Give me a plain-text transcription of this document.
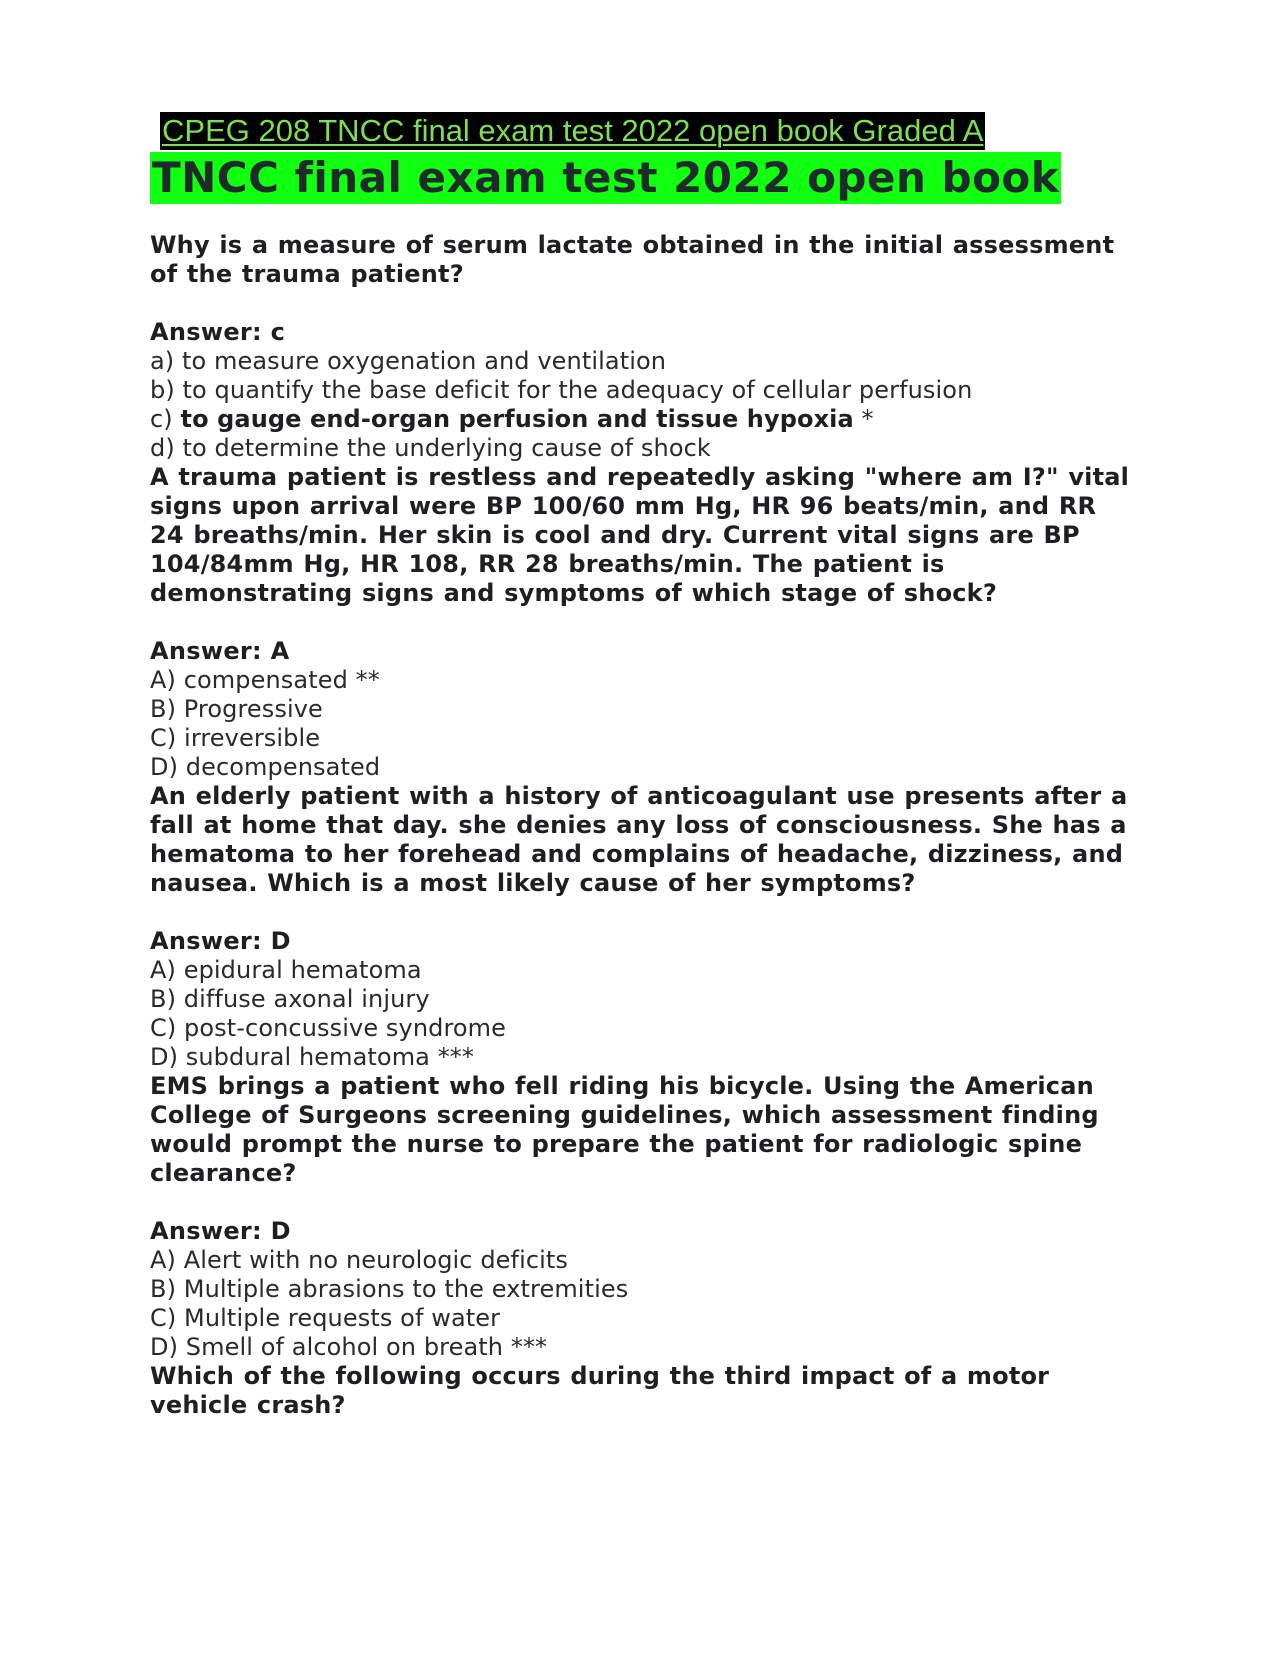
CPEG 208 TNCC final exam test 2022 open book Graded A
TNCC final exam test 2022 open book
Why is a measure of serum lactate obtained in the initial assessment of the trauma patient?
Answer: c
a) to measure oxygenation and ventilation
b) to quantify the base deficit for the adequacy of cellular perfusion
c) to gauge end-organ perfusion and tissue hypoxia *
d) to determine the underlying cause of shock
A trauma patient is restless and repeatedly asking "where am I?" vital signs upon arrival were BP 100/60 mm Hg, HR 96 beats/min, and RR 24 breaths/min. Her skin is cool and dry. Current vital signs are BP 104/84mm Hg, HR 108, RR 28 breaths/min. The patient is demonstrating signs and symptoms of which stage of shock?
Answer: A
A) compensated **
B) Progressive
C) irreversible
D) decompensated
An elderly patient with a history of anticoagulant use presents after a fall at home that day. she denies any loss of consciousness. She has a hematoma to her forehead and complains of headache, dizziness, and nausea. Which is a most likely cause of her symptoms?
Answer: D
A) epidural hematoma
B) diffuse axonal injury
C) post-concussive syndrome
D) subdural hematoma ***
EMS brings a patient who fell riding his bicycle. Using the American College of Surgeons screening guidelines, which assessment finding would prompt the nurse to prepare the patient for radiologic spine clearance?
Answer: D
A) Alert with no neurologic deficits
B) Multiple abrasions to the extremities
C) Multiple requests of water
D) Smell of alcohol on breath ***
Which of the following occurs during the third impact of a motor vehicle crash?
